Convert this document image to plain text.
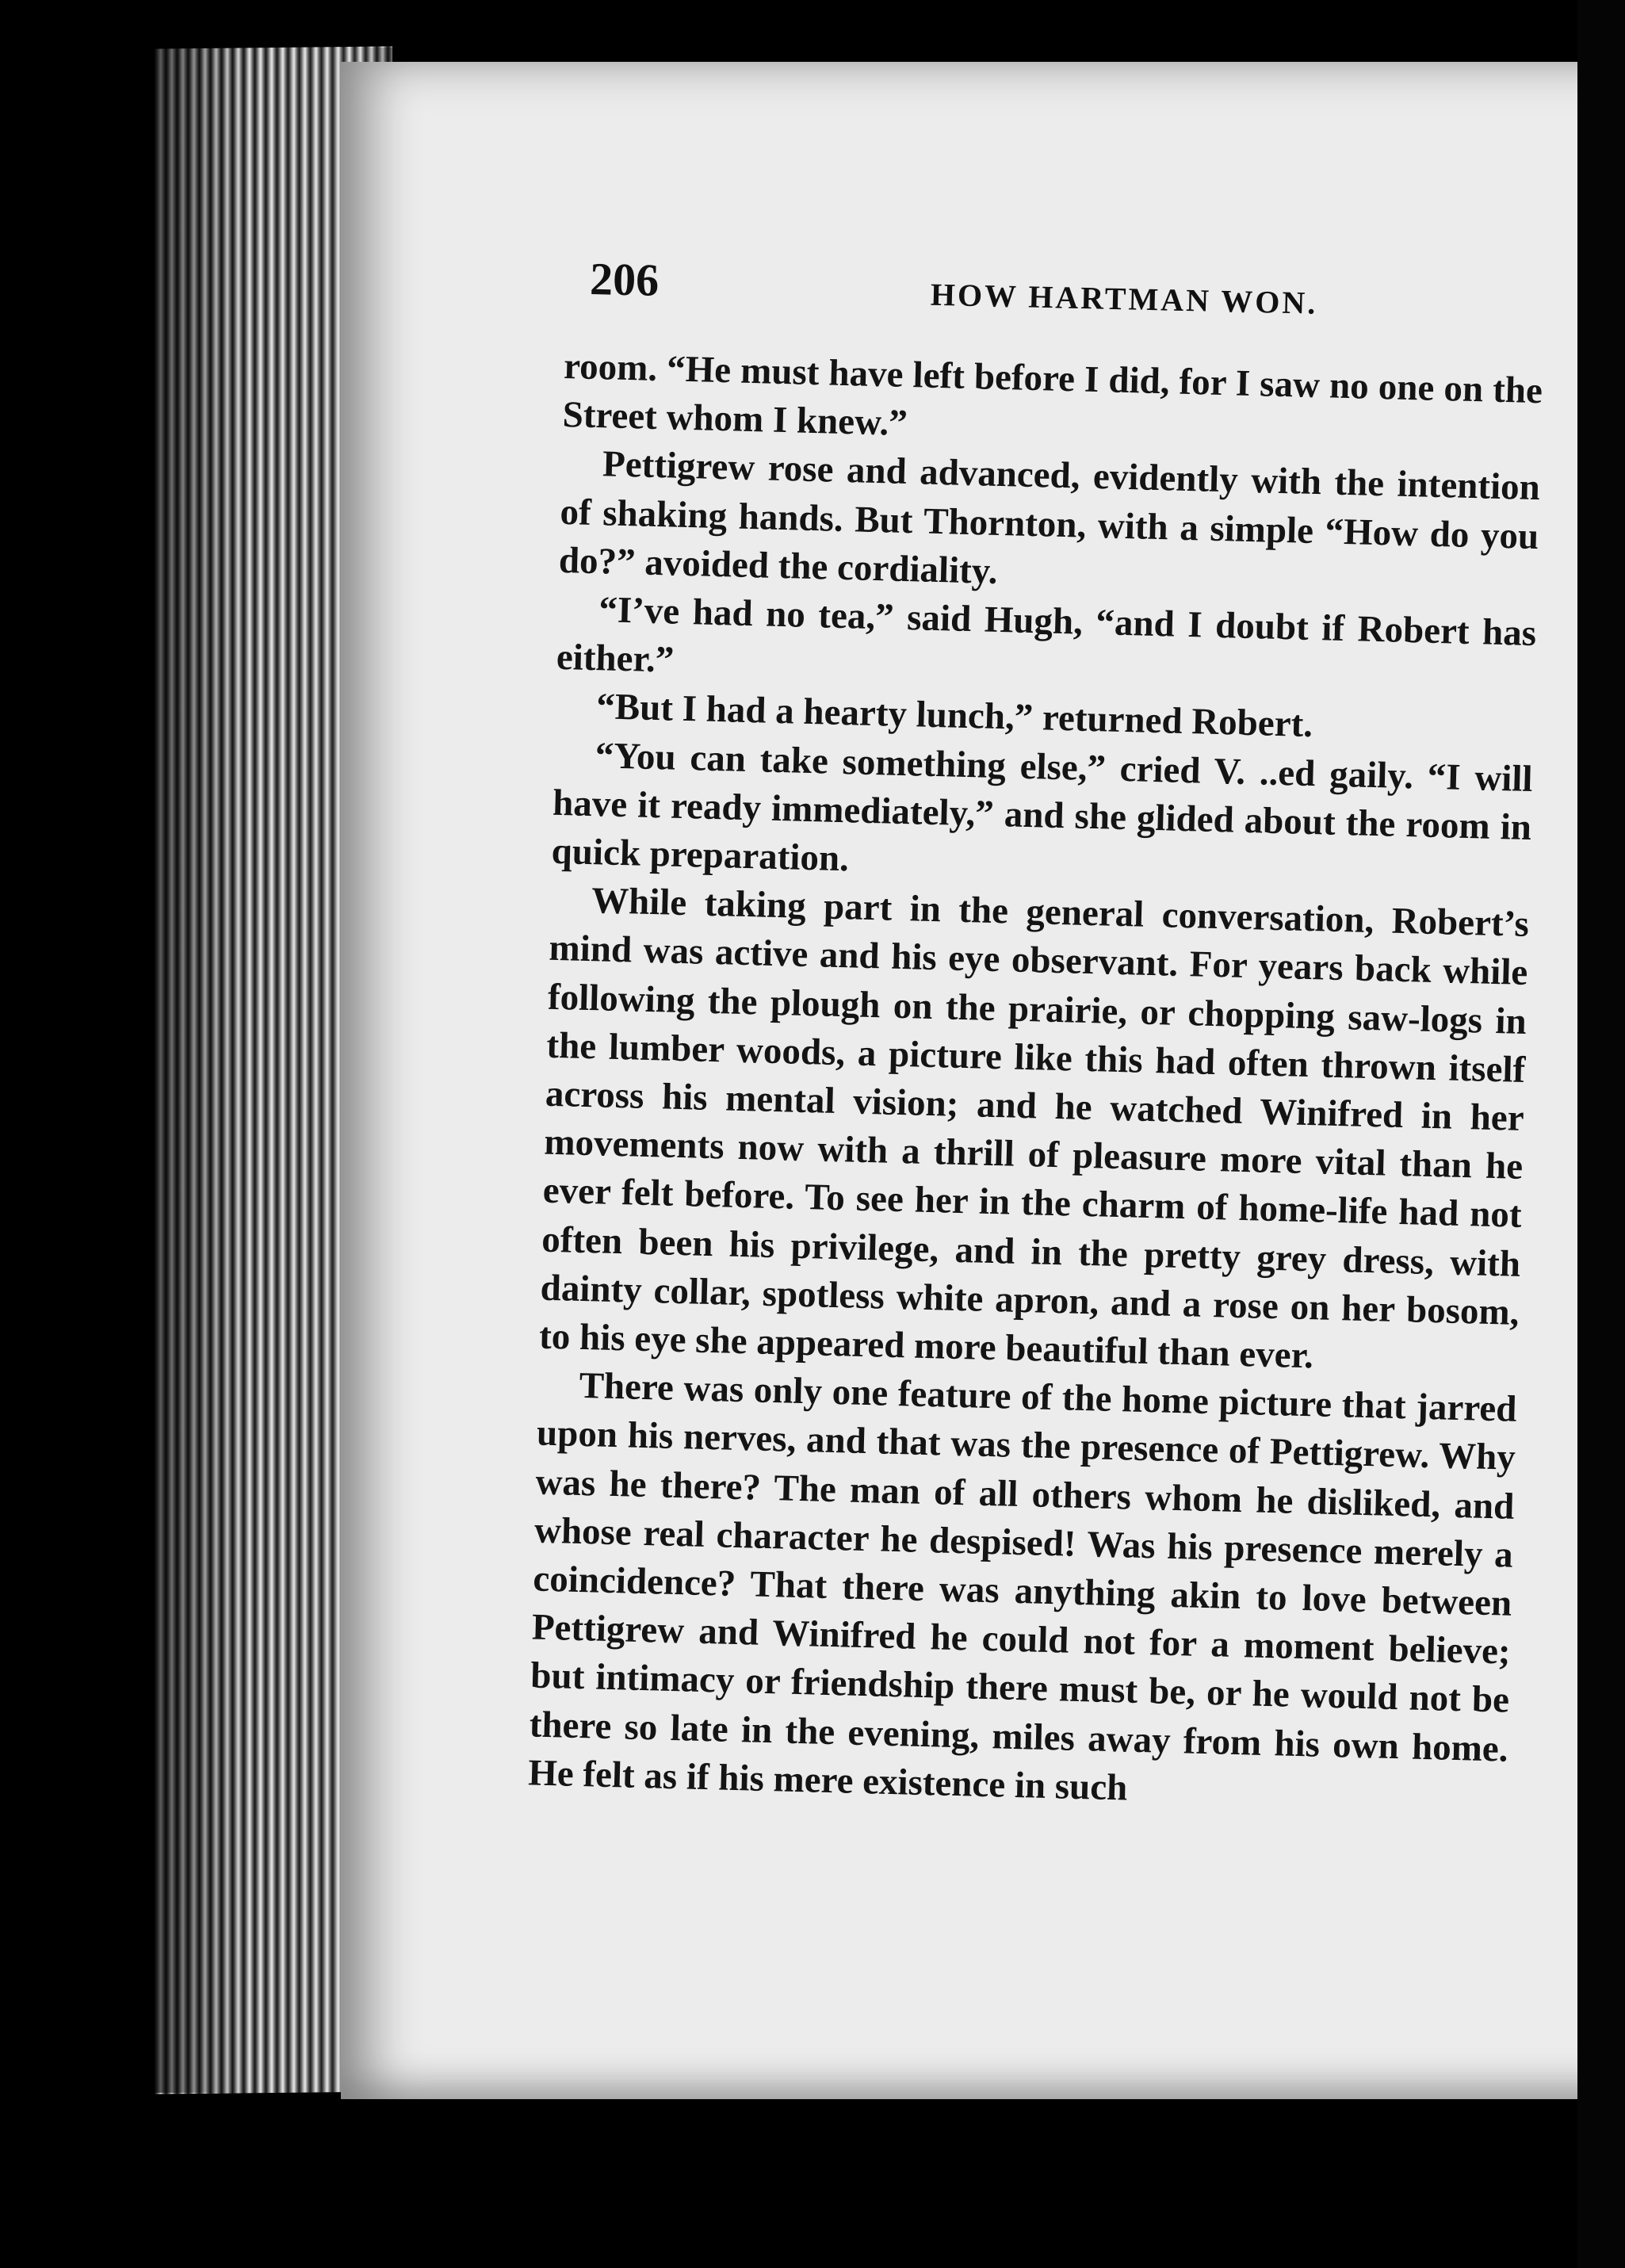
206	HOW HARTMAN WON.

room. “He must have left before I did, for I saw no one on the Street whom I knew.”

Pettigrew rose and advanced, evidently with the intention of shaking hands. But Thornton, with a simple “How do you do?” avoided the cordiality.

“I’ve had no tea,” said Hugh, “and I doubt if Robert has either.”

“But I had a hearty lunch,” returned Robert.

“You can take something else,” cried V. ..ed gaily. “I will have it ready immediately,” and she glided about the room in quick preparation.

While taking part in the general conversation, Robert’s mind was active and his eye observant. For years back while following the plough on the prairie, or chopping saw-logs in the lumber woods, a picture like this had often thrown itself across his mental vision; and he watched Winifred in her movements now with a thrill of pleasure more vital than he ever felt before. To see her in the charm of home-life had not often been his privilege, and in the pretty grey dress, with dainty collar, spotless white apron, and a rose on her bosom, to his eye she appeared more beautiful than ever.

There was only one feature of the home picture that jarred upon his nerves, and that was the presence of Pettigrew. Why was he there? The man of all others whom he disliked, and whose real character he despised! Was his presence merely a coincidence? That there was anything akin to love between Pettigrew and Winifred he could not for a moment believe; but intimacy or friendship there must be, or he would not be there so late in the evening, miles away from his own home. He felt as if his mere existence in such
